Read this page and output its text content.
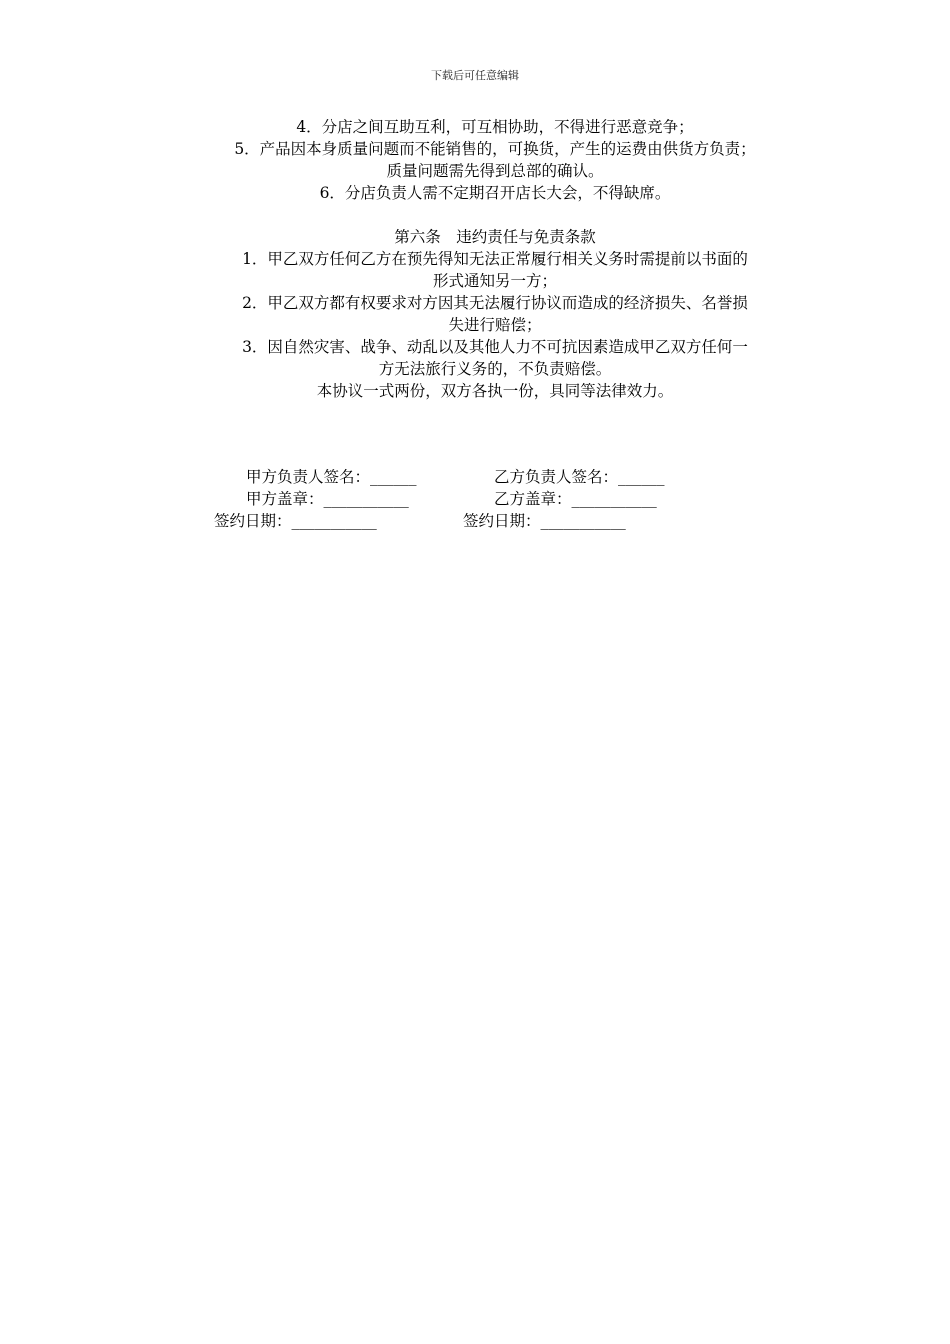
下载后可任意编辑
4．分店之间互助互利，可互相协助，不得进行恶意竞争；
5．产品因本身质量问题而不能销售的，可换货，产生的运费由供货方负责；
质量问题需先得到总部的确认。
6．分店负责人需不定期召开店长大会，不得缺席。
第六条　违约责任与免责条款
1．甲乙双方任何乙方在预先得知无法正常履行相关义务时需提前以书面的
形式通知另一方；
2．甲乙双方都有权要求对方因其无法履行协议而造成的经济损失、名誉损
失进行赔偿；
3．因自然灾害、战争、动乱以及其他人力不可抗因素造成甲乙双方任何一
方无法旅行义务的，不负责赔偿。
本协议一式两份，双方各执一份，具同等法律效力。
甲方负责人签名：______	乙方负责人签名：______
甲方盖章：___________	乙方盖章：___________
签约日期：___________	签约日期：___________
